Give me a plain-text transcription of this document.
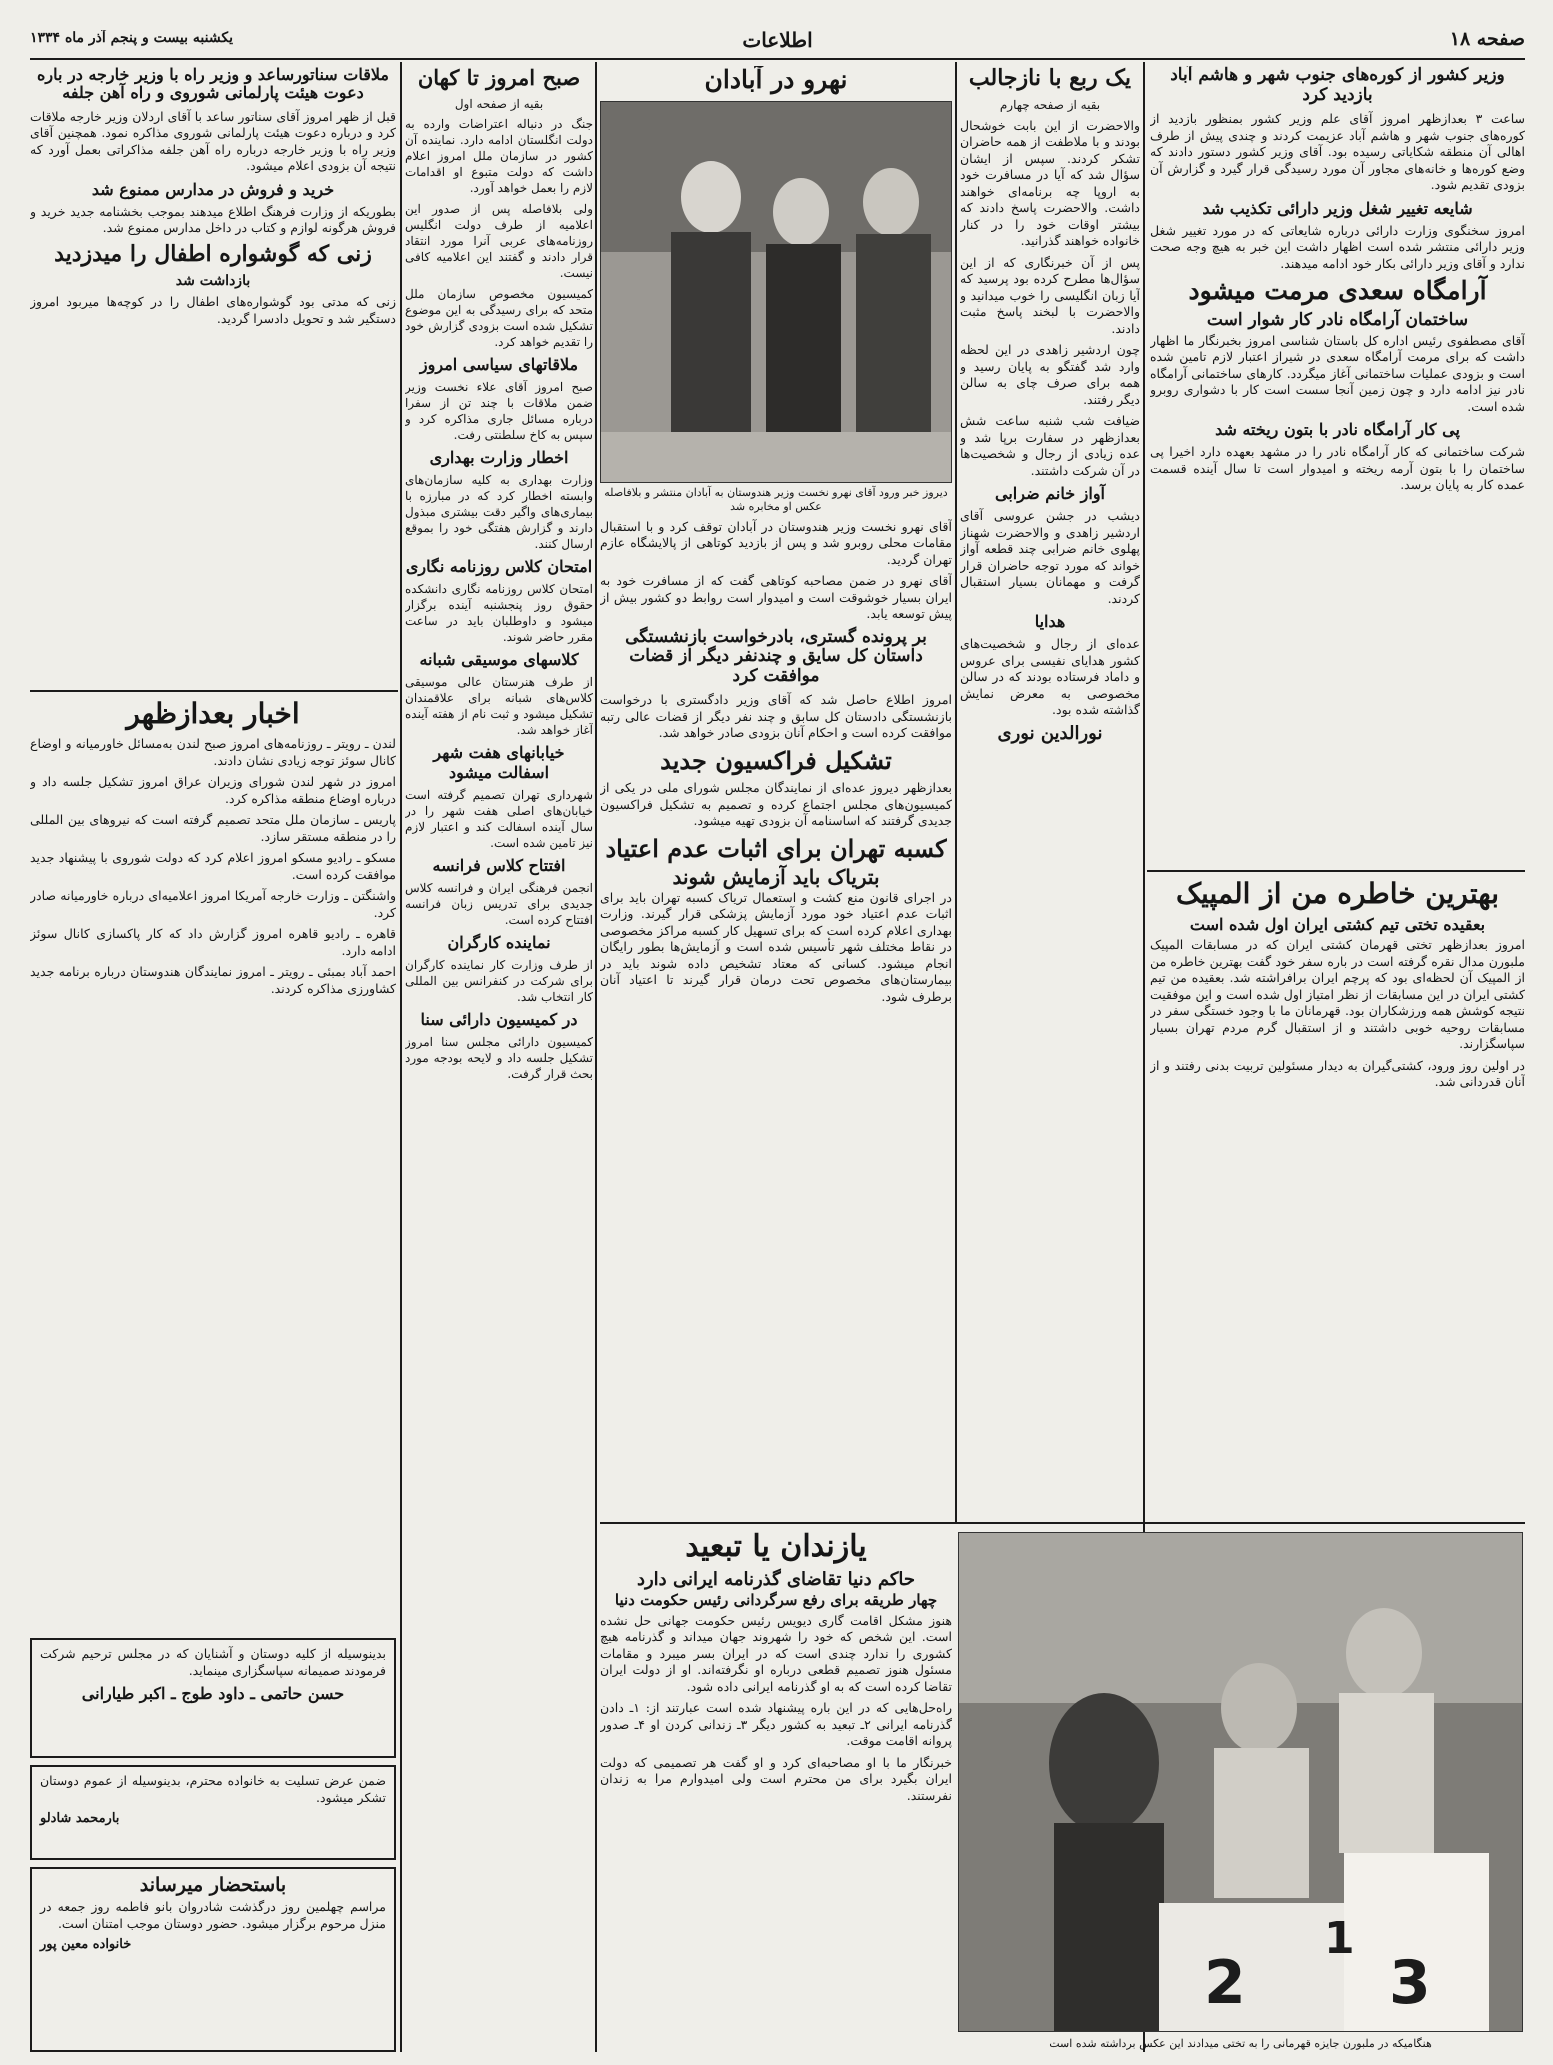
صفحه ۱۸
اطلاعات
یکشنبه بیست و پنجم آذر ماه ۱۳۳۴
وزیر کشور از کوره‌های جنوب شهر و هاشم آباد بازدید کرد
ساعت ۳ بعدازظهر امروز آقای علم وزیر کشور بمنظور بازدید از کوره‌های جنوب شهر و هاشم آباد عزیمت کردند و چندی پیش از طرف اهالی آن منطقه شکایاتی رسیده بود. آقای وزیر کشور دستور دادند که وضع کوره‌ها و خانه‌های مجاور آن مورد رسیدگی قرار گیرد و گزارش آن بزودی تقدیم شود.
شایعه تغییر شغل وزیر دارائی تکذیب شد
امروز سخنگوی وزارت دارائی درباره شایعاتی که در مورد تغییر شغل وزیر دارائی منتشر شده است اظهار داشت این خبر به هیچ وجه صحت ندارد و آقای وزیر دارائی بکار خود ادامه میدهند.
آرامگاه سعدی مرمت میشود
ساختمان آرامگاه نادر کار شوار است
آقای مصطفوی رئیس اداره کل باستان شناسی امروز بخبرنگار ما اظهار داشت که برای مرمت آرامگاه سعدی در شیراز اعتبار لازم تامین شده است و بزودی عملیات ساختمانی آغاز میگردد. کارهای ساختمانی آرامگاه نادر نیز ادامه دارد و چون زمین آنجا سست است کار با دشواری روبرو شده است.
پی کار آرامگاه نادر با بتون ریخته شد
شرکت ساختمانی که کار آرامگاه نادر را در مشهد بعهده دارد اخیرا پی ساختمان را با بتون آرمه ریخته و امیدوار است تا سال آینده قسمت عمده کار به پایان برسد.
یک ربع با نازجالب
بقیه از صفحه چهارم
والاحضرت از این بابت خوشحال بودند و با ملاطفت از همه حاضران تشکر کردند. سپس از ایشان سؤال شد که آیا در مسافرت خود به اروپا چه برنامه‌ای خواهند داشت. والاحضرت پاسخ دادند که بیشتر اوقات خود را در کنار خانواده خواهند گذرانید.
پس از آن خبرنگاری که از این سؤال‌ها مطرح کرده بود پرسید که آیا زبان انگلیسی را خوب میدانید و والاحضرت با لبخند پاسخ مثبت دادند.
چون اردشیر زاهدی در این لحظه وارد شد گفتگو به پایان رسید و همه برای صرف چای به سالن دیگر رفتند.
ضیافت شب شنبه ساعت شش بعدازظهر در سفارت برپا شد و عده زیادی از رجال و شخصیت‌ها در آن شرکت داشتند.
آواز خانم ضرابی
دیشب در جشن عروسی آقای اردشیر زاهدی و والاحضرت شهناز پهلوی خانم ضرابی چند قطعه آواز خواند که مورد توجه حاضران قرار گرفت و مهمانان بسیار استقبال کردند.
هدایا
عده‌ای از رجال و شخصیت‌های کشور هدایای نفیسی برای عروس و داماد فرستاده بودند که در سالن مخصوصی به معرض نمایش گذاشته شده بود.
نورالدین نوری
بهترین خاطره من از المپیک
بعقیده تختی تیم کشتی ایران اول شده است
امروز بعدازظهر تختی قهرمان کشتی ایران که در مسابقات المپیک ملبورن مدال نقره گرفته است در باره سفر خود گفت بهترین خاطره من از المپیک آن لحظه‌ای بود که پرچم ایران برافراشته شد. بعقیده من تیم کشتی ایران در این مسابقات از نظر امتیاز اول شده است و این موفقیت نتیجه کوشش همه ورزشکاران بود. قهرمانان ما با وجود خستگی سفر در مسابقات روحیه خوبی داشتند و از استقبال گرم مردم تهران بسیار سپاسگزارند.
در اولین روز ورود، کشتی‌گیران به دیدار مسئولین تربیت بدنی رفتند و از آنان قدردانی شد.
2 3
1
هنگامیکه در ملبورن جایزه قهرمانی را به تختی میدادند این عکس برداشته شده است
نهرو در آبادان
دیروز خبر ورود آقای نهرو نخست وزیر هندوستان به آبادان منتشر و بلافاصله عکس او مخابره شد
آقای نهرو نخست وزیر هندوستان در آبادان توقف کرد و با استقبال مقامات محلی روبرو شد و پس از بازدید کوتاهی از پالایشگاه عازم تهران گردید.
آقای نهرو در ضمن مصاحبه کوتاهی گفت که از مسافرت خود به ایران بسیار خوشوقت است و امیدوار است روابط دو کشور بیش از پیش توسعه یابد.
بر پرونده گستری، بادرخواست بازنشستگی داستان کل سایق و چندنفر دیگر از قضات موافقت کرد
امروز اطلاع حاصل شد که آقای وزیر دادگستری با درخواست بازنشستگی دادستان کل سابق و چند نفر دیگر از قضات عالی رتبه موافقت کرده است و احکام آنان بزودی صادر خواهد شد.
تشکیل فراکسیون جدید
بعدازظهر دیروز عده‌ای از نمایندگان مجلس شورای ملی در یکی از کمیسیون‌های مجلس اجتماع کرده و تصمیم به تشکیل فراکسیون جدیدی گرفتند که اساسنامه آن بزودی تهیه میشود.
کسبه تهران برای اثبات عدم اعتیاد
بتریاک باید آزمایش شوند
در اجرای قانون منع کشت و استعمال تریاک کسبه تهران باید برای اثبات عدم اعتیاد خود مورد آزمایش پزشکی قرار گیرند. وزارت بهداری اعلام کرده است که برای تسهیل کار کسبه مراکز مخصوصی در نقاط مختلف شهر تأسیس شده است و آزمایش‌ها بطور رایگان انجام میشود. کسانی که معتاد تشخیص داده شوند باید در بیمارستان‌های مخصوص تحت درمان قرار گیرند تا اعتیاد آنان برطرف شود.
یازندان یا تبعید
حاکم دنیا تقاضای گذرنامه ایرانی دارد
چهار طریقه برای رفع سرگردانی رئیس حکومت دنیا
هنوز مشکل اقامت گاری دیویس رئیس حکومت جهانی حل نشده است. این شخص که خود را شهروند جهان میداند و گذرنامه هیچ کشوری را ندارد چندی است که در ایران بسر میبرد و مقامات مسئول هنوز تصمیم قطعی درباره او نگرفته‌اند. او از دولت ایران تقاضا کرده است که به او گذرنامه ایرانی داده شود.
راه‌حل‌هایی که در این باره پیشنهاد شده است عبارتند از: ۱ـ دادن گذرنامه ایرانی ۲ـ تبعید به کشور دیگر ۳ـ زندانی کردن او ۴ـ صدور پروانه اقامت موقت.
خبرنگار ما با او مصاحبه‌ای کرد و او گفت هر تصمیمی که دولت ایران بگیرد برای من محترم است ولی امیدوارم مرا به زندان نفرستند.
صبح امروز تا کهان
بقیه از صفحه اول
جنگ در دنباله اعتراضات وارده به دولت انگلستان ادامه دارد. نماینده آن کشور در سازمان ملل امروز اعلام داشت که دولت متبوع او اقدامات لازم را بعمل خواهد آورد.
ولی بلافاصله پس از صدور این اعلامیه از طرف دولت انگلیس روزنامه‌های عربی آنرا مورد انتقاد قرار دادند و گفتند این اعلامیه کافی نیست.
کمیسیون مخصوص سازمان ملل متحد که برای رسیدگی به این موضوع تشکیل شده است بزودی گزارش خود را تقدیم خواهد کرد.
ملاقاتهای سیاسی امروز
صبح امروز آقای علاء نخست وزیر ضمن ملاقات با چند تن از سفرا درباره مسائل جاری مذاکره کرد و سپس به کاخ سلطنتی رفت.
اخطار وزارت بهداری
وزارت بهداری به کلیه سازمان‌های وابسته اخطار کرد که در مبارزه با بیماری‌های واگیر دقت بیشتری مبذول دارند و گزارش هفتگی خود را بموقع ارسال کنند.
امتحان کلاس روزنامه نگاری
امتحان کلاس روزنامه نگاری دانشکده حقوق روز پنجشنبه آینده برگزار میشود و داوطلبان باید در ساعت مقرر حاضر شوند.
کلاسهای موسیقی شبانه
از طرف هنرستان عالی موسیقی کلاس‌های شبانه برای علاقمندان تشکیل میشود و ثبت نام از هفته آینده آغاز خواهد شد.
خیابانهای هفت شهر اسفالت میشود
شهرداری تهران تصمیم گرفته است خیابان‌های اصلی هفت شهر را در سال آینده اسفالت کند و اعتبار لازم نیز تامین شده است.
افتتاح کلاس فرانسه
انجمن فرهنگی ایران و فرانسه کلاس جدیدی برای تدریس زبان فرانسه افتتاح کرده است.
نماینده کارگران
از طرف وزارت کار نماینده کارگران برای شرکت در کنفرانس بین المللی کار انتخاب شد.
در کمیسیون دارائی سنا
کمیسیون دارائی مجلس سنا امروز تشکیل جلسه داد و لایحه بودجه مورد بحث قرار گرفت.
ملاقات سناتورساعد و وزیر راه با وزیر خارجه در باره دعوت هیئت پارلمانی شوروی و راه آهن جلفه
قبل از ظهر امروز آقای سناتور ساعد با آقای اردلان وزیر خارجه ملاقات کرد و درباره دعوت هیئت پارلمانی شوروی مذاکره نمود. همچنین آقای وزیر راه با وزیر خارجه درباره راه آهن جلفه مذاکراتی بعمل آورد که نتیجه آن بزودی اعلام میشود.
خرید و فروش در مدارس ممنوع شد
بطوریکه از وزارت فرهنگ اطلاع میدهند بموجب بخشنامه جدید خرید و فروش هرگونه لوازم و کتاب در داخل مدارس ممنوع شد.
زنی که گوشواره اطفال را میدزدید
بازداشت شد
زنی که مدتی بود گوشواره‌های اطفال را در کوچه‌ها میربود امروز دستگیر شد و تحویل دادسرا گردید.
اخبار بعدازظهر
لندن ـ رویتر ـ روزنامه‌های امروز صبح لندن به‌مسائل خاورمیانه و اوضاع کانال سوئز توجه زیادی نشان دادند.
امروز در شهر لندن شورای وزیران عراق امروز تشکیل جلسه داد و درباره اوضاع منطقه مذاکره کرد.
پاریس ـ سازمان ملل متحد تصمیم گرفته است که نیروهای بین المللی را در منطقه مستقر سازد.
مسکو ـ رادیو مسکو امروز اعلام کرد که دولت شوروی با پیشنهاد جدید موافقت کرده است.
واشنگتن ـ وزارت خارجه آمریکا امروز اعلامیه‌ای درباره خاورمیانه صادر کرد.
قاهره ـ رادیو قاهره امروز گزارش داد که کار پاکسازی کانال سوئز ادامه دارد.
احمد آباد بمبئی ـ رویتر ـ امروز نمایندگان هندوستان درباره برنامه جدید کشاورزی مذاکره کردند.
بدینوسیله از کلیه دوستان و آشنایان که در مجلس ترحیم شرکت فرمودند صمیمانه سپاسگزاری مینماید.
حسن حاتمی ـ داود طوج ـ اکبر طیارانی
ضمن عرض تسلیت به خانواده محترم، بدینوسیله از عموم دوستان تشکر میشود.
بارمحمد شادلو
باستحضار میرساند
مراسم چهلمین روز درگذشت شادروان بانو فاطمه روز جمعه در منزل مرحوم برگزار میشود. حضور دوستان موجب امتنان است.
خانواده معین پور
